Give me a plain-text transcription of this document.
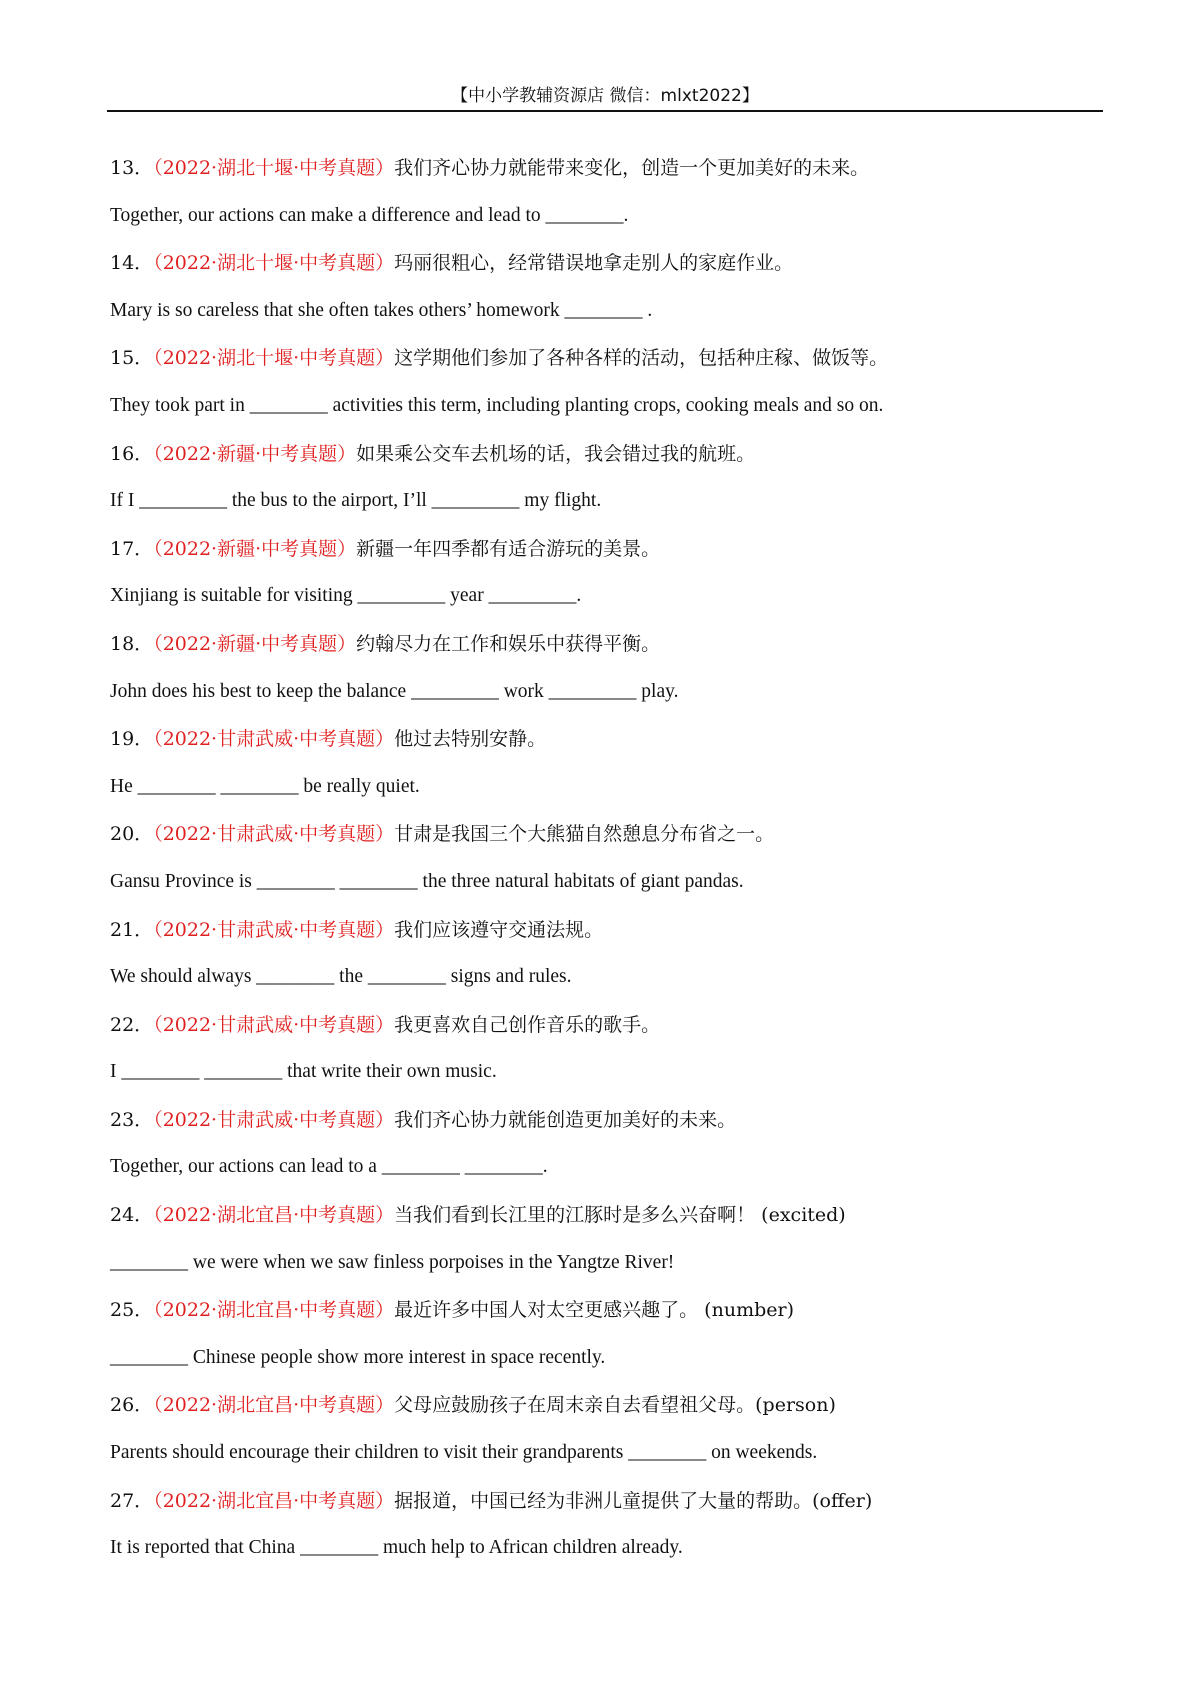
【中小学教辅资源店 微信：mlxt2022】
13．（2022·湖北十堰·中考真题）我们齐心协力就能带来变化，创造一个更加美好的未来。
Together, our actions can make a difference and lead to ________.
14．（2022·湖北十堰·中考真题）玛丽很粗心，经常错误地拿走别人的家庭作业。
Mary is so careless that she often takes others’ homework ________ .
15．（2022·湖北十堰·中考真题）这学期他们参加了各种各样的活动，包括种庄稼、做饭等。
They took part in ________ activities this term, including planting crops, cooking meals and so on.
16．（2022·新疆·中考真题）如果乘公交车去机场的话，我会错过我的航班。
If I _________ the bus to the airport, I’ll _________ my flight.
17．（2022·新疆·中考真题）新疆一年四季都有适合游玩的美景。
Xinjiang is suitable for visiting _________ year _________.
18．（2022·新疆·中考真题）约翰尽力在工作和娱乐中获得平衡。
John does his best to keep the balance _________ work _________ play.
19．（2022·甘肃武威·中考真题）他过去特别安静。
He ________ ________ be really quiet.
20．（2022·甘肃武威·中考真题）甘肃是我国三个大熊猫自然憩息分布省之一。
Gansu Province is ________ ________ the three natural habitats of giant pandas.
21．（2022·甘肃武威·中考真题）我们应该遵守交通法规。
We should always ________ the ________ signs and rules.
22．（2022·甘肃武威·中考真题）我更喜欢自己创作音乐的歌手。
I ________ ________ that write their own music.
23．（2022·甘肃武威·中考真题）我们齐心协力就能创造更加美好的未来。
Together, our actions can lead to a ________ ________.
24．（2022·湖北宜昌·中考真题）当我们看到长江里的江豚时是多么兴奋啊！ (excited)
________ we were when we saw finless porpoises in the Yangtze River!
25．（2022·湖北宜昌·中考真题）最近许多中国人对太空更感兴趣了。 (number)
________ Chinese people show more interest in space recently.
26．（2022·湖北宜昌·中考真题）父母应鼓励孩子在周末亲自去看望祖父母。(person)
Parents should encourage their children to visit their grandparents ________ on weekends.
27．（2022·湖北宜昌·中考真题）据报道，中国已经为非洲儿童提供了大量的帮助。(offer)
It is reported that China ________ much help to African children already.
